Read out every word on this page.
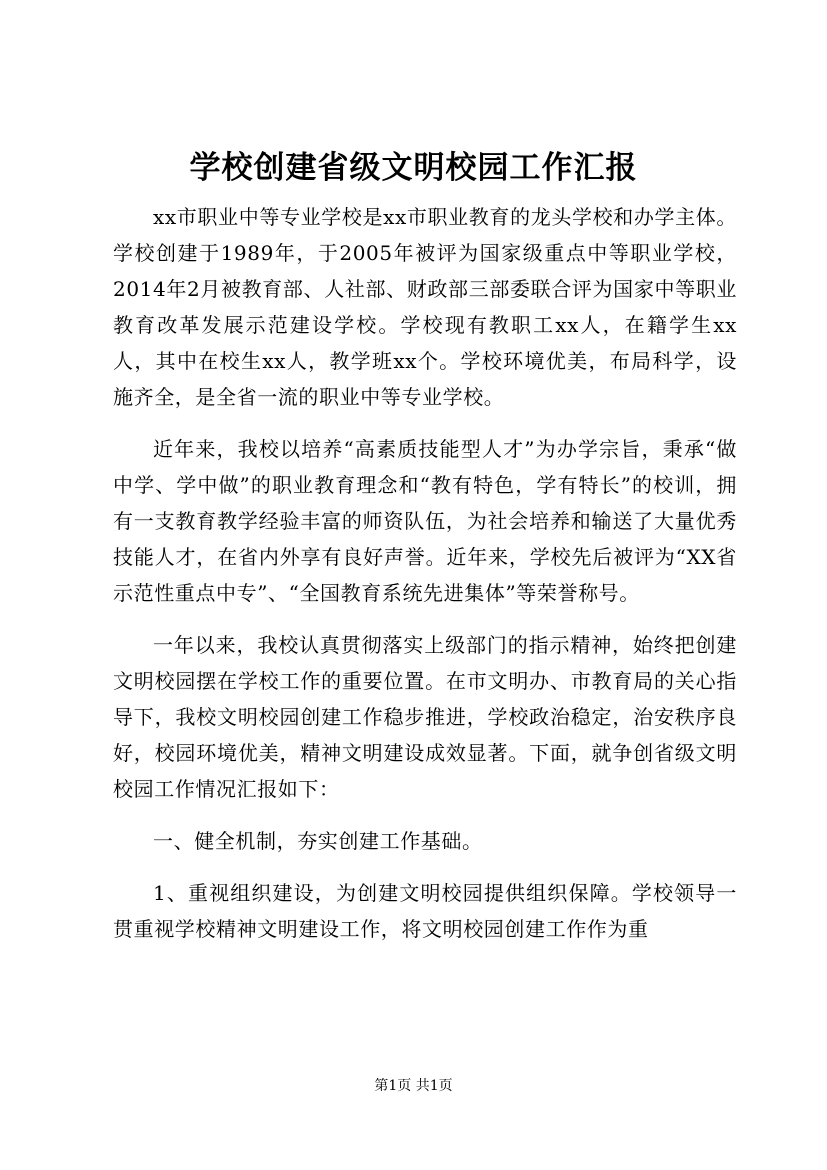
学校创建省级文明校园工作汇报

xx市职业中等专业学校是xx市职业教育的龙头学校和办学主体。学校创建于1989年，于2005年被评为国家级重点中等职业学校，2014年2月被教育部、人社部、财政部三部委联合评为国家中等职业教育改革发展示范建设学校。学校现有教职工xx人，在籍学生xx人，其中在校生xx人，教学班xx个。学校环境优美，布局科学，设施齐全，是全省一流的职业中等专业学校。

近年来，我校以培养“高素质技能型人才”为办学宗旨，秉承“做中学、学中做”的职业教育理念和“教有特色，学有特长”的校训，拥有一支教育教学经验丰富的师资队伍，为社会培养和输送了大量优秀技能人才，在省内外享有良好声誉。近年来，学校先后被评为“XX省示范性重点中专”、“全国教育系统先进集体”等荣誉称号。

一年以来，我校认真贯彻落实上级部门的指示精神，始终把创建文明校园摆在学校工作的重要位置。在市文明办、市教育局的关心指导下，我校文明校园创建工作稳步推进，学校政治稳定，治安秩序良好，校园环境优美，精神文明建设成效显著。下面，就争创省级文明校园工作情况汇报如下：

一、健全机制，夯实创建工作基础。

1、重视组织建设，为创建文明校园提供组织保障。学校领导一贯重视学校精神文明建设工作，将文明校园创建工作作为重

第1页 共1页
